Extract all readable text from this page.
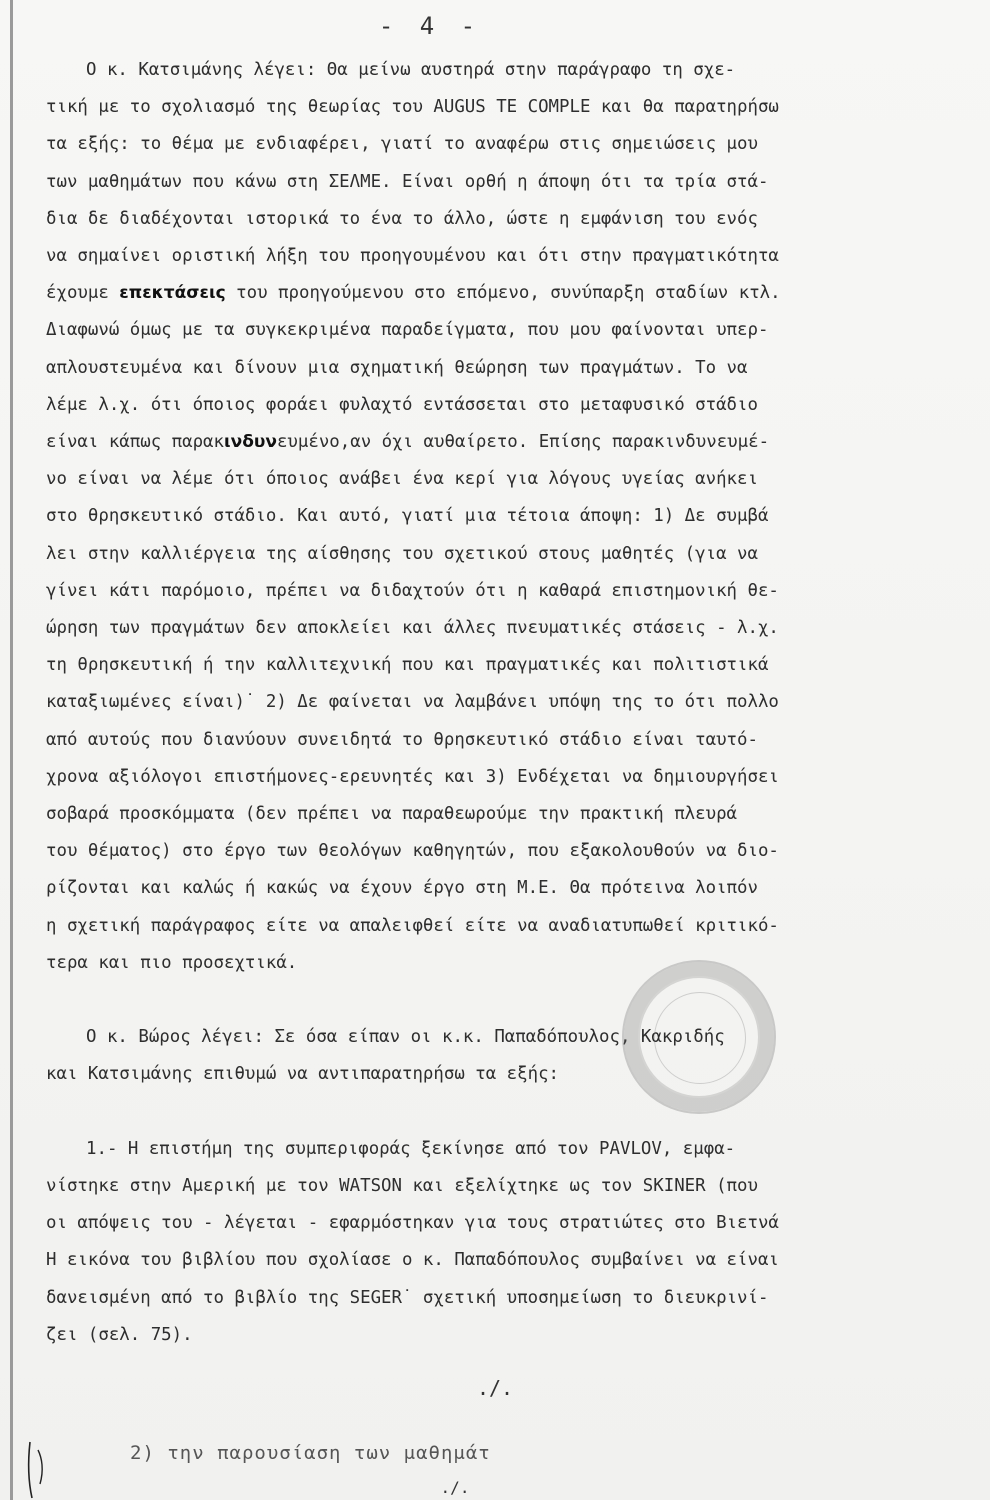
- 4 -
Ο κ. Κατσιμάνης λέγει: Θα μείνω αυστηρά στην παράγραφο τη σχε-
τική με το σχολιασμό της θεωρίας του AUGUS TE COMPLE και θα παρατηρήσω
τα εξής: το θέμα με ενδιαφέρει, γιατί το αναφέρω στις σημειώσεις μου
των μαθημάτων που κάνω στη ΣΕΛΜΕ. Είναι ορθή η άποψη ότι τα τρία στά-
δια δε διαδέχονται ιστορικά το ένα το άλλο, ώστε η εμφάνιση του ενός
να σημαίνει οριστική λήξη του προηγουμένου και ότι στην πραγματικότητα
έχουμε επεκτάσεις του προηγούμενου στο επόμενο, συνύπαρξη σταδίων κτλ.
Διαφωνώ όμως με τα συγκεκριμένα παραδείγματα, που μου φαίνονται υπερ-
απλουστευμένα και δίνουν μια σχηματική θεώρηση των πραγμάτων. Το να
λέμε λ.χ. ότι όποιος φοράει φυλαχτό εντάσσεται στο μεταφυσικό στάδιο
είναι κάπως παρακινδυνευμένο,αν όχι αυθαίρετο. Επίσης παρακινδυνευμέ-
νο είναι να λέμε ότι όποιος ανάβει ένα κερί για λόγους υγείας ανήκει
στο θρησκευτικό στάδιο. Και αυτό, γιατί μια τέτοια άποψη: 1) Δε συμβά
λει στην καλλιέργεια της αίσθησης του σχετικού στους μαθητές (για να
γίνει κάτι παρόμοιο, πρέπει να διδαχτούν ότι η καθαρά επιστημονική θε-
ώρηση των πραγμάτων δεν αποκλείει και άλλες πνευματικές στάσεις - λ.χ.
τη θρησκευτική ή την καλλιτεχνική που και πραγματικές και πολιτιστικά
καταξιωμένες είναι)˙ 2) Δε φαίνεται να λαμβάνει υπόψη της το ότι πολλο
από αυτούς που διανύουν συνειδητά το θρησκευτικό στάδιο είναι ταυτό-
χρονα αξιόλογοι επιστήμονες-ερευνητές και 3) Ενδέχεται να δημιουργήσει
σοβαρά προσκόμματα (δεν πρέπει να παραθεωρούμε την πρακτική πλευρά
του θέματος) στο έργο των θεολόγων καθηγητών, που εξακολουθούν να διο-
ρίζονται και καλώς ή κακώς να έχουν έργο στη Μ.Ε. Θα πρότεινα λοιπόν
η σχετική παράγραφος είτε να απαλειφθεί είτε να αναδιατυπωθεί κριτικό-
τερα και πιο προσεχτικά.
Ο κ. Βώρος λέγει: Σε όσα είπαν οι κ.κ. Παπαδόπουλος, Κακριδής
και Κατσιμάνης επιθυμώ να αντιπαρατηρήσω τα εξής:
1.- Η επιστήμη της συμπεριφοράς ξεκίνησε από τον PAVLOV, εμφα-
νίστηκε στην Αμερική με τον WATSON και εξελίχτηκε ως τον SKINER (που
οι απόψεις του - λέγεται - εφαρμόστηκαν για τους στρατιώτες στο Βιετνά
Η εικόνα του βιβλίου που σχολίασε ο κ. Παπαδόπουλος συμβαίνει να είναι
δανεισμένη από το βιβλίο της SEGER˙ σχετική υποσημείωση το διευκρινί-
ζει (σελ. 75).
./.
2) την παρουσίαση των μαθημάτ
./.
